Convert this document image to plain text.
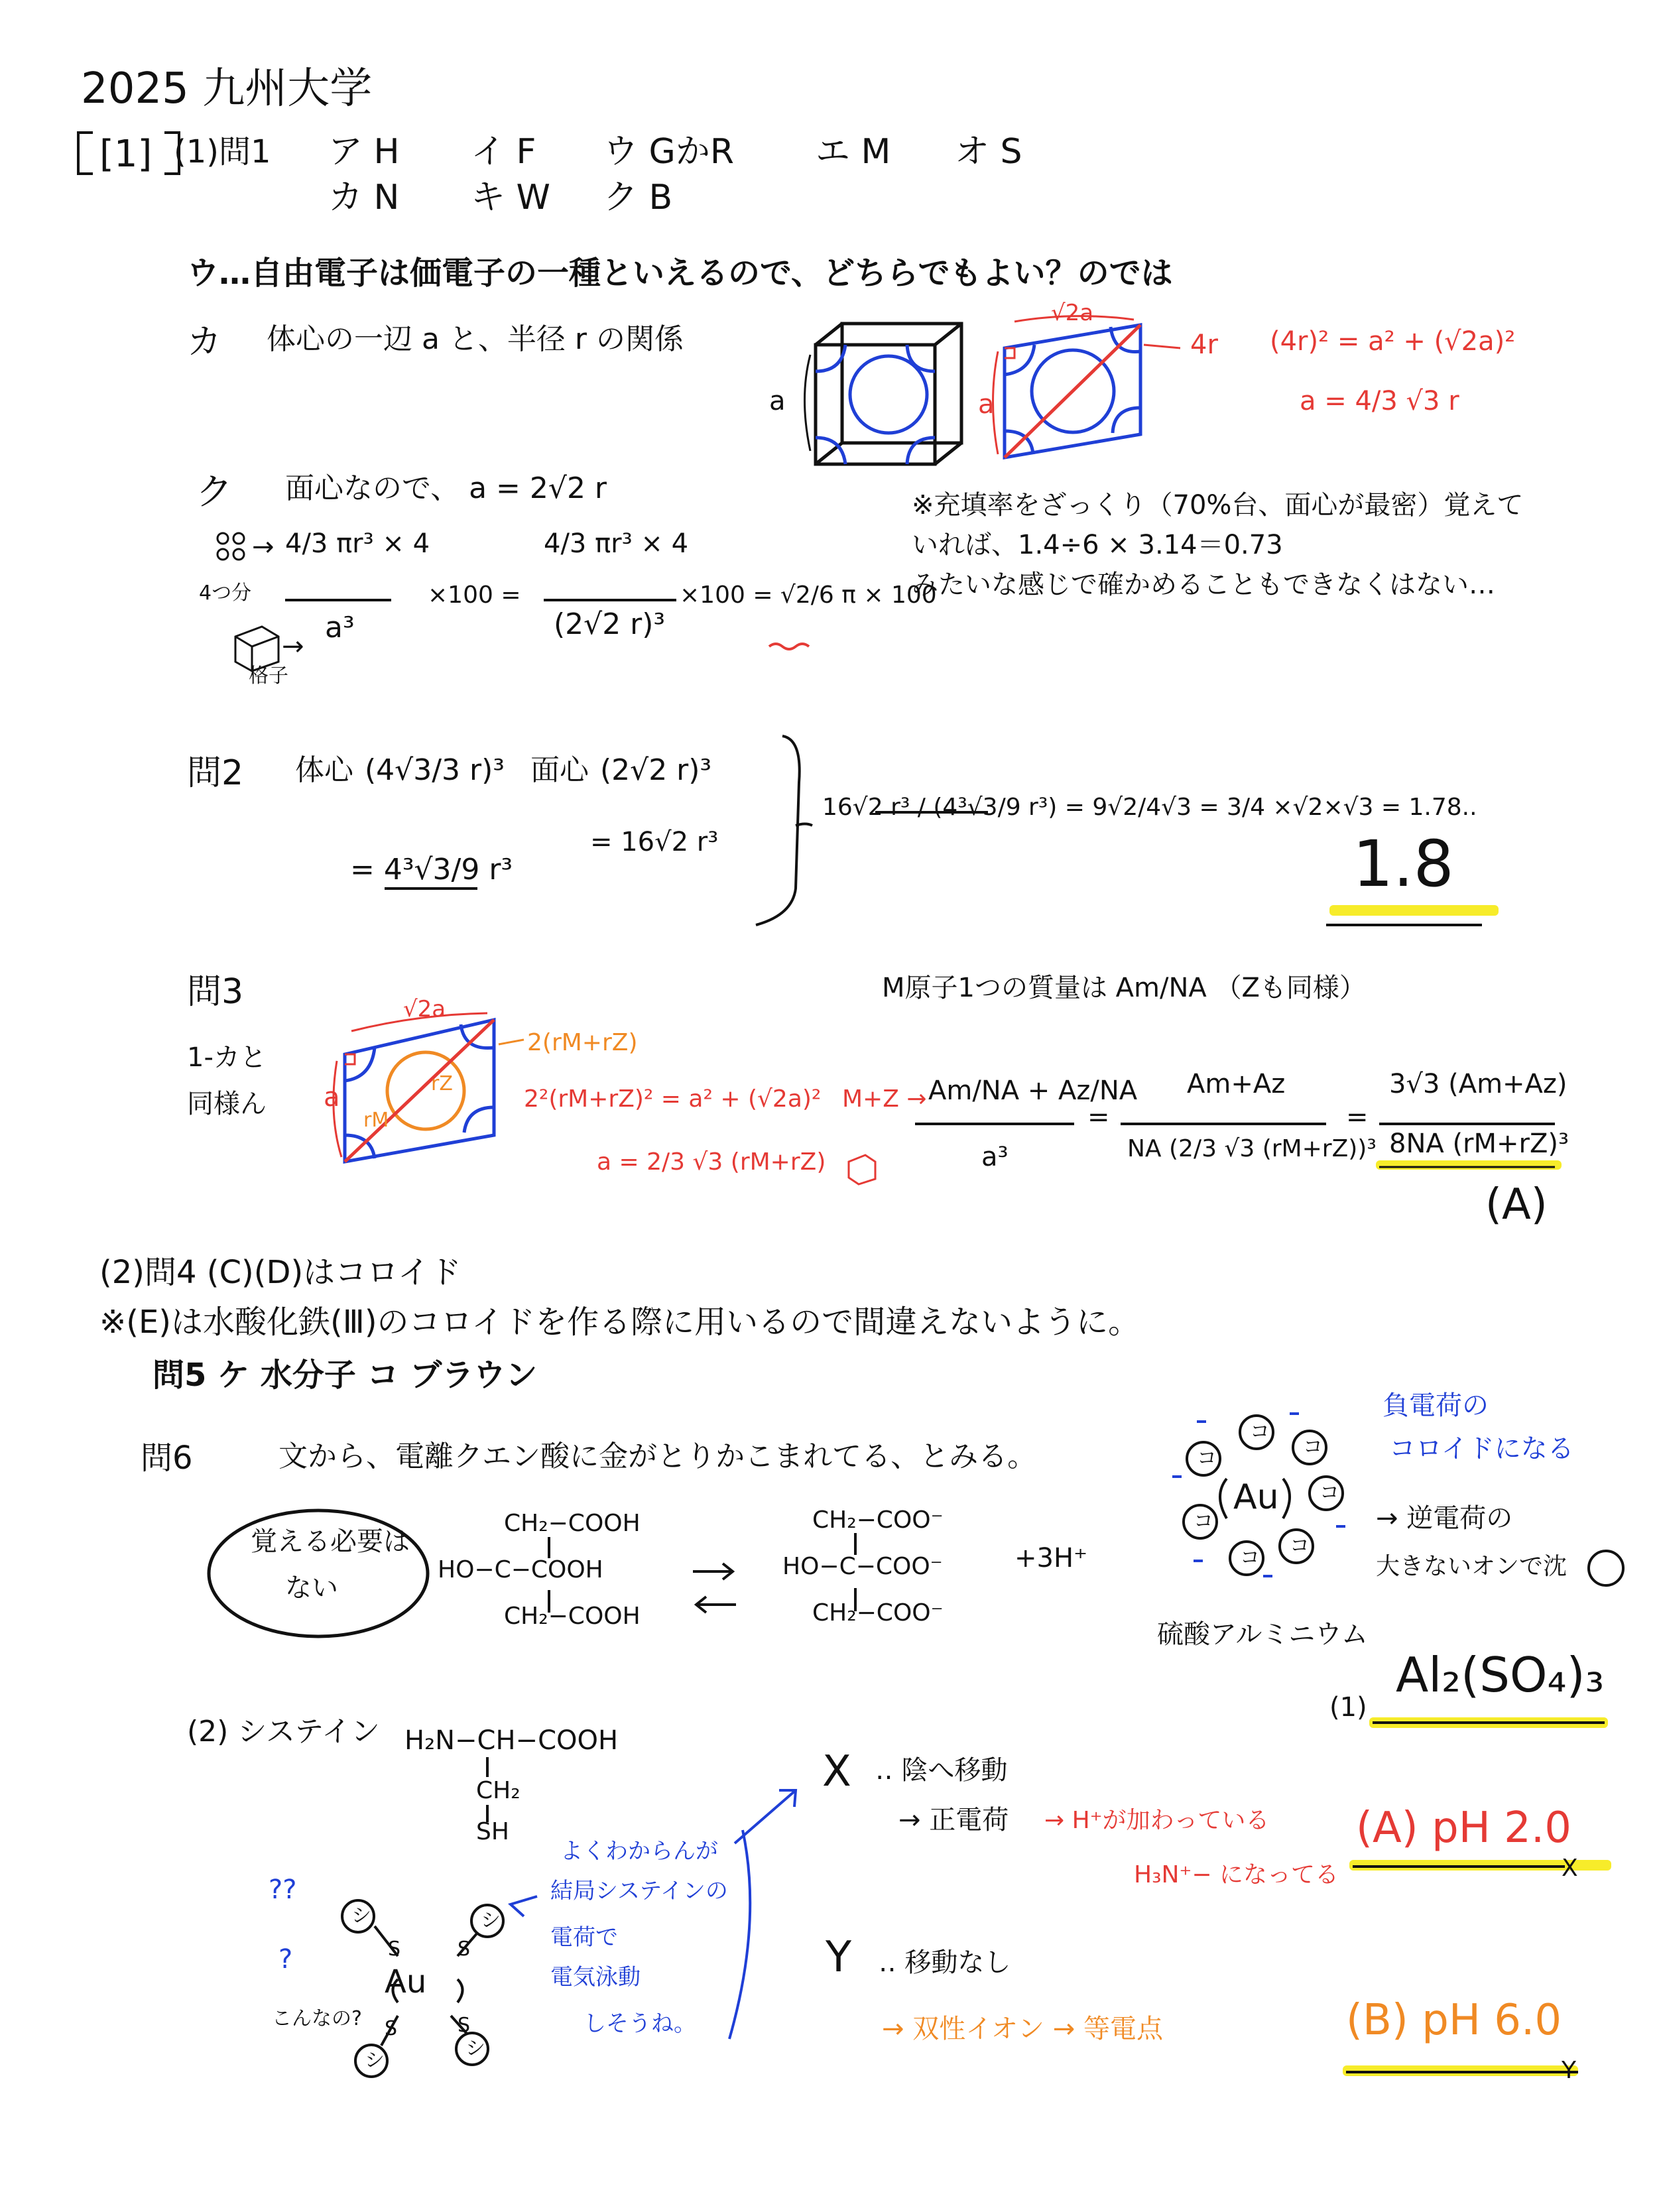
2025 九州大学
[1] (1)問1 ア H イ F ウ GかR エ M オ S
カ N キ W ク B
ウ…自由電子は価電子の一種といえるので、どちらでもよい？のでは
カ 体心の一辺 a と、半径 r の関係
a
√2a
a
4r (4r)² = a² + (√2a)²
a = 4/3 √3 r
ク 面心なので、 a = 2√2 r
→ 4/3 πr³ × 4
a³
4つ分
格子
→
×100 =
4/3 πr³ × 4
(2√2 r)³
×100 = √2/6 π × 100
※充填率をざっくり（70%台、面心が最密）覚えて
いれば、1.4÷6 × 3.14＝0.73
みたいな感じで確かめることもできなくはない…
問2 体心 (4√3/3 r)³
= 4³√3/9 r³
面心 (2√2 r)³
= 16√2 r³
16√2 r³ / (4³√3/9 r³) = 9√2/4√3 = 3/4 ×√2×√3 = 1.78..
1.8
問3
1-カと
同様ん
√2a
a
rM
rZ
2(rM+rZ)
2²(rM+rZ)² = a² + (√2a)²
a = 2/3 √3 (rM+rZ)
M+Z →
M原子1つの質量は Am/NA （Zも同様）
Am/NA + Az/NA
a³
=
Am+Az
NA (2/3 √3 (rM+rZ))³
=
3√3 (Am+Az)
8NA (rM+rZ)³
(A)
(2)問4 (C)(D)はコロイド
※(E)は水酸化鉄(Ⅲ)のコロイドを作る際に用いるので間違えないように。
問5 ケ 水分子 コ ブラウン
問6	文から、電離クエン酸に金がとりかこまれてる、とみる。
覚える必要は
ない
CH₂−COOH
HO−C−COOH
CH₂−COOH
CH₂−COO⁻
HO−C−COO⁻
CH₂−COO⁻
+3H⁺
Au
コ
コ
コ
コ
コ
コ
コ
負電荷の
コロイドになる
→ 逆電荷の
大きないオンで沈
硫酸アルミニウム
(1)
Al₂(SO₄)₃
(2) システイン H₂N−CH−COOH
CH₂
SH
Au
シ	シ
シ
シ
S	S
S	S
??
?
こんなの?
よくわからんが
結局システインの
電荷で
電気泳動
しそうね。
X ‥ 陰へ移動
→ 正電荷 → H⁺が加わっている
H₃N⁺− になってる
(A) pH 2.0
X
Y ‥ 移動なし
→ 双性イオン → 等電点	(B) pH 6.0
Y
